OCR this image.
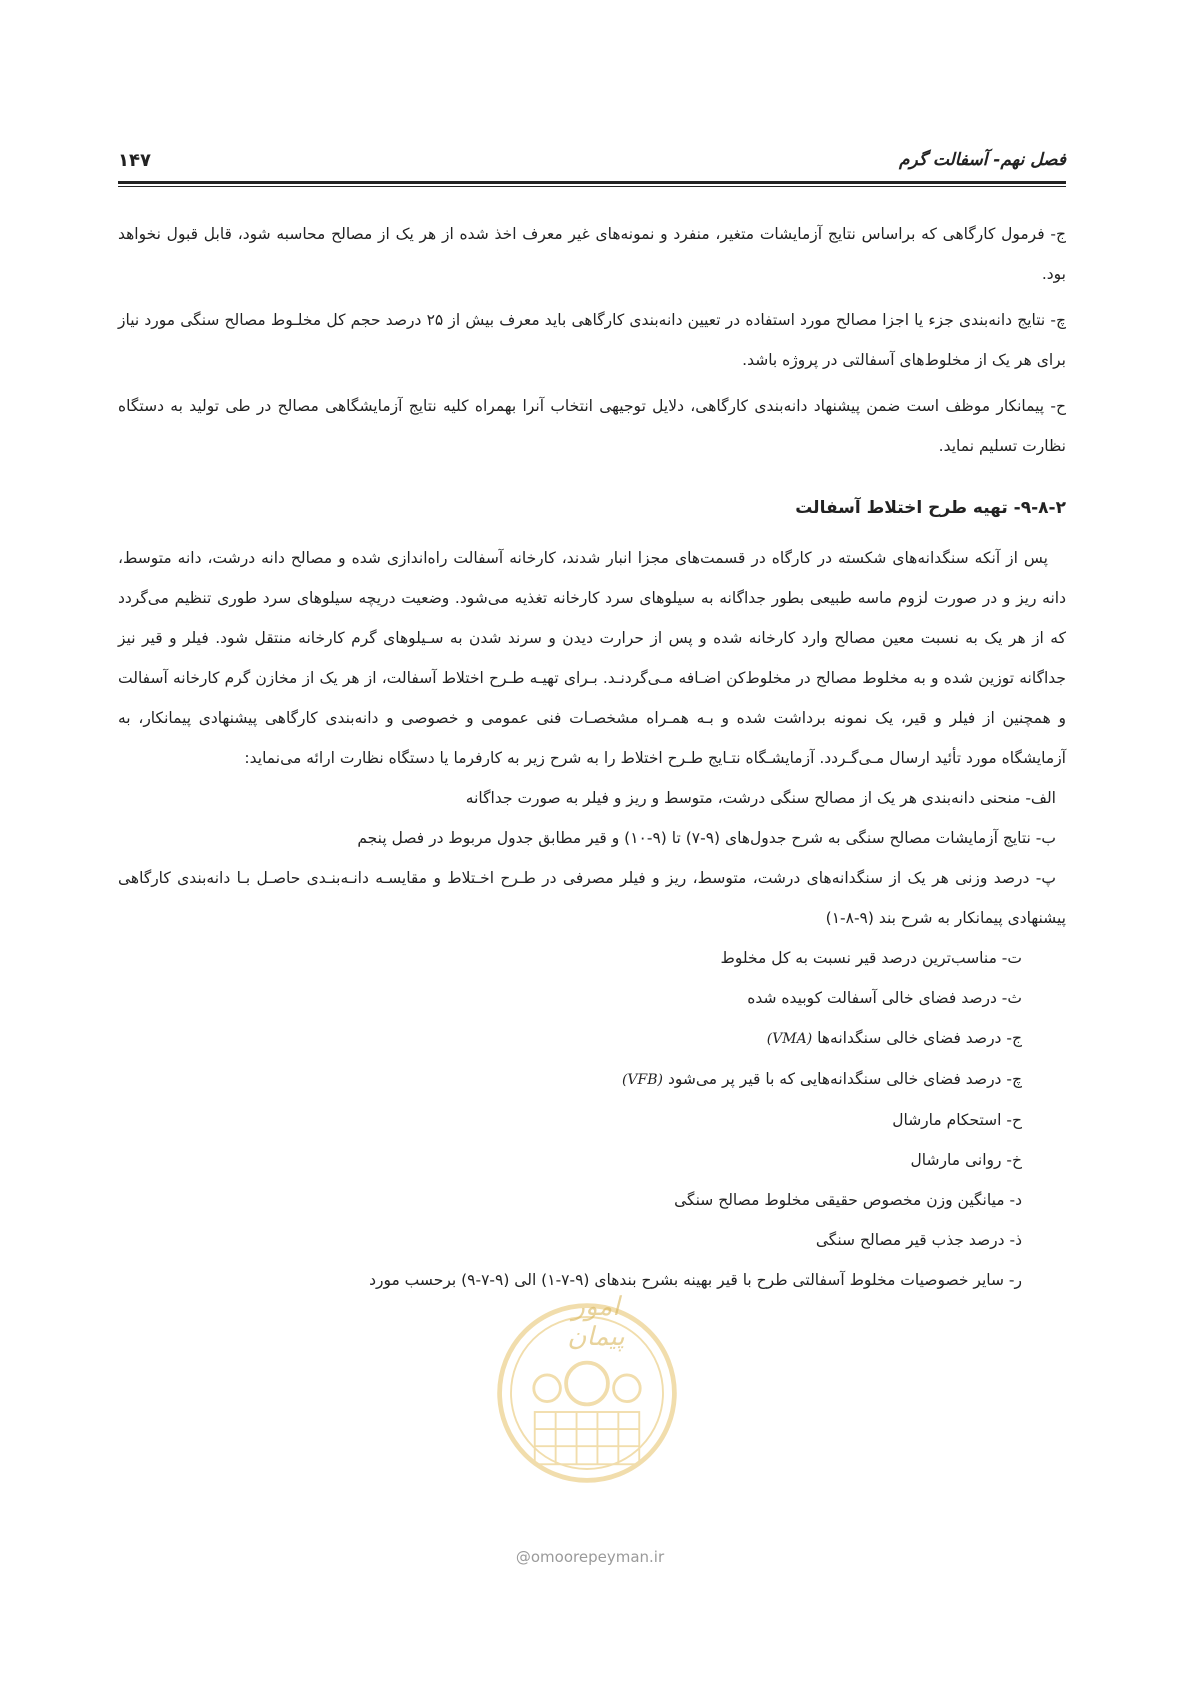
فصل نهم- آسفالت گرم
۱۴۷

ج- فرمول کارگاهی که براساس نتایج آزمایشات متغیر، منفرد و نمونه‌های غیر معرف اخذ شده از هر یک از مصالح محاسبه شود، قابل قبول نخواهد بود.

چ- نتایج دانه‌بندی جزء یا اجزا مصالح مورد استفاده در تعیین دانه‌بندی کارگاهی باید معرف بیش از ۲۵ درصد حجم کل مخلـوط مصالح سنگی مورد نیاز برای هر یک از مخلوط‌های آسفالتی در پروژه باشد.

ح- پیمانکار موظف است ضمن پیشنهاد دانه‌بندی کارگاهی، دلایل توجیهی انتخاب آنرا بهمراه کلیه نتایج آزمایشگاهی مصالح در طی تولید به دستگاه نظارت تسلیم نماید.

۹-۸-۲- تهیه طرح اختلاط آسفالت

پس از آنکه سنگدانه‌های شکسته در کارگاه در قسمت‌های مجزا انبار شدند، کارخانه آسفالت راه‌اندازی شده و مصالح دانه درشت، دانه متوسط، دانه ریز و در صورت لزوم ماسه طبیعی بطور جداگانه به سیلوهای سرد کارخانه تغذیه می‌شود. وضعیت دریچه سیلوهای سرد طوری تنظیم می‌گردد که از هر یک به نسبت معین مصالح وارد کارخانه شده و پس از حرارت دیدن و سرند شدن به سـیلوهای گرم کارخانه منتقل شود. فیلر و قیر نیز جداگانه توزین شده و به مخلوط مصالح در مخلوط‌کن اضـافه مـی‌گردنـد. بـرای تهیـه طـرح اختلاط آسفالت، از هر یک از مخازن گرم کارخانه آسفالت و همچنین از فیلر و قیر، یک نمونه برداشت شده و بـه همـراه مشخصـات فنی عمومی و خصوصی و دانه‌بندی کارگاهی پیشنهادی پیمانکار، به آزمایشگاه مورد تأئید ارسال مـی‌گـردد. آزمایشـگاه نتـایج طـرح اختلاط را به شرح زیر به کارفرما یا دستگاه نظارت ارائه می‌نماید:

الف- منحنی دانه‌بندی هر یک از مصالح سنگی درشت، متوسط و ریز و فیلر به صورت جداگانه

ب- نتایج آزمایشات مصالح سنگی به شرح جدول‌های (۹-۷) تا (۹-۱۰) و قیر مطابق جدول مربوط در فصل پنجم

پ- درصد وزنی هر یک از سنگدانه‌های درشت، متوسط، ریز و فیلر مصرفی در طـرح اخـتلاط و مقایسـه دانـه‌بنـدی حاصـل بـا دانه‌بندی کارگاهی پیشنهادی پیمانکار به شرح بند (۹-۸-۱)

ت- مناسب‌ترین درصد قیر نسبت به کل مخلوط

ث- درصد فضای خالی آسفالت کوبیده شده

ج- درصد فضای خالی سنگدانه‌ها (VMA)

چ- درصد فضای خالی سنگدانه‌هایی که با قیر پر می‌شود (VFB)

ح- استحکام مارشال

خ- روانی مارشال

د- میانگین وزن مخصوص حقیقی مخلوط مصالح سنگی

ذ- درصد جذب قیر مصالح سنگی

ر- سایر خصوصیات مخلوط آسفالتی طرح با قیر بهینه بشرح بندهای (۹-۷-۱) الی (۹-۷-۹) برحسب مورد

امور پیمان
@omoorepeyman.ir
